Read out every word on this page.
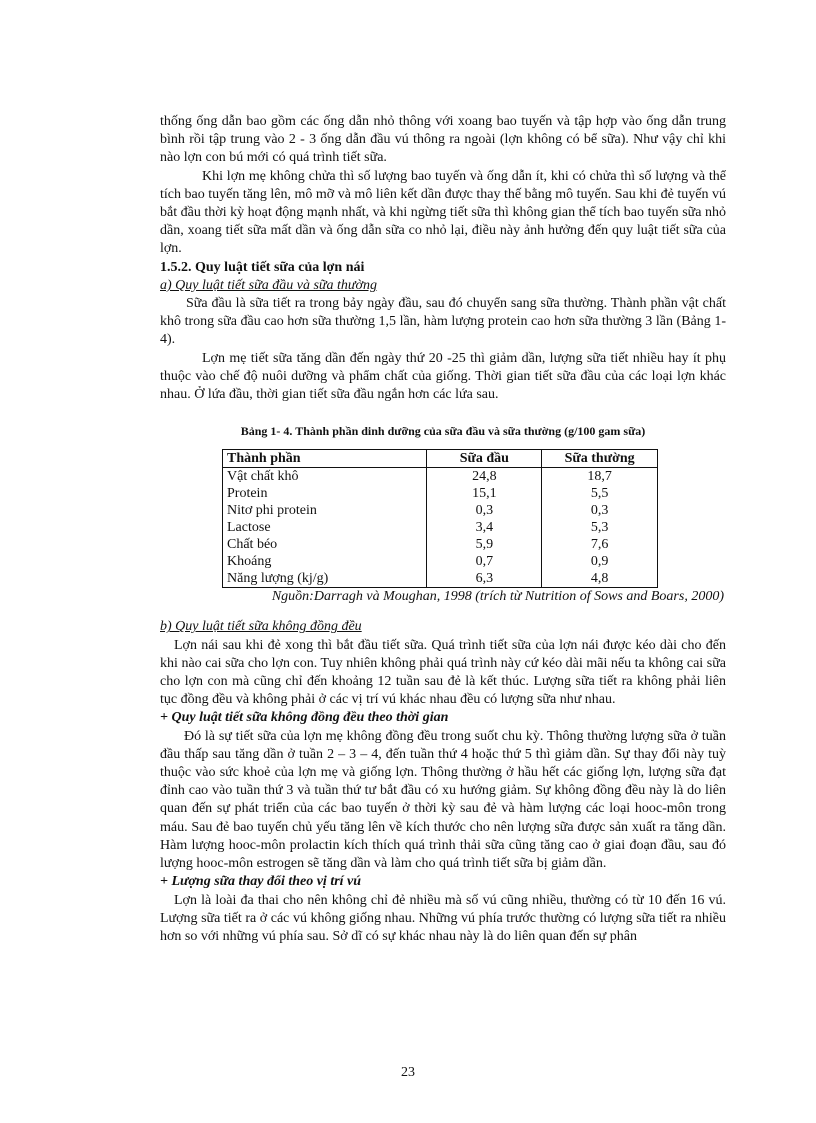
thống ống dẫn bao gồm các ống dẫn nhỏ thông với xoang bao tuyến và tập hợp vào ống dẫn trung bình rồi tập trung vào 2 - 3 ống dẫn đầu vú thông ra ngoài (lợn không có bể sữa). Như vậy chỉ khi nào lợn con bú mới có quá trình tiết sữa.

Khi lợn mẹ không chửa thì số lượng bao tuyến và ống dẫn ít, khi có chửa thì số lượng và thể tích bao tuyến tăng lên, mô mỡ và mô liên kết dần được thay thế bằng mô tuyến. Sau khi đẻ tuyến vú bắt đầu thời kỳ hoạt động mạnh nhất, và khi ngừng tiết sữa thì không gian thể tích bao tuyến sữa nhỏ dần, xoang tiết sữa mất dần và ống dẫn sữa co nhỏ lại, điều này ảnh hưởng đến quy luật tiết sữa của lợn.

1.5.2. Quy luật tiết sữa của lợn nái

a) Quy luật tiết sữa đầu và sữa thường

Sữa đầu là sữa tiết ra trong bảy ngày đầu, sau đó chuyển sang sữa thường. Thành phần vật chất khô trong sữa đầu cao hơn sữa thường 1,5 lần, hàm lượng protein cao hơn sữa thường 3 lần (Bảng 1-4).

Lợn mẹ tiết sữa tăng dần đến ngày thứ 20 -25 thì giảm dần, lượng sữa tiết nhiều hay ít phụ thuộc vào chế độ nuôi dưỡng và phẩm chất của giống. Thời gian tiết sữa đầu của các loại lợn khác nhau. Ở lứa đầu, thời gian tiết sữa đầu ngắn hơn các lứa sau.

Bảng 1- 4. Thành phần dinh dưỡng của sữa đầu và sữa thường (g/100 gam sữa)
Thành phần	Sữa đầu	Sữa thường
Vật chất khô	24,8	18,7
Protein	15,1	5,5
Nitơ phi protein	0,3	0,3
Lactose	3,4	5,3
Chất béo	5,9	7,6
Khoáng	0,7	0,9
Năng lượng (kj/g)	6,3	4,8

Nguồn:Darragh và Moughan, 1998 (trích từ Nutrition of Sows and Boars, 2000)

b) Quy luật tiết sữa không đồng đều

Lợn nái sau khi đẻ xong thì bắt đầu tiết sữa. Quá trình tiết sữa của lợn nái được kéo dài cho đến khi nào cai sữa cho lợn con. Tuy nhiên không phải quá trình này cứ kéo dài mãi nếu ta không cai sữa cho lợn con mà cũng chỉ đến khoảng 12 tuần sau đẻ là kết thúc. Lượng sữa tiết ra không phải liên tục đồng đều và không phải ở các vị trí vú khác nhau đều có lượng sữa như nhau.

+ Quy luật tiết sữa không đồng đều theo thời gian

Đó là sự tiết sữa của lợn mẹ không đồng đều trong suốt chu kỳ. Thông thường lượng sữa ở tuần đầu thấp sau tăng dần ở tuần 2 – 3 – 4, đến tuần thứ 4 hoặc thứ 5 thì giảm dần. Sự thay đổi này tuỳ thuộc vào sức khoẻ của lợn mẹ và giống lợn. Thông thường ở hầu hết các giống lợn, lượng sữa đạt đỉnh cao vào tuần thứ 3 và tuần thứ tư bắt đầu có xu hướng giảm. Sự không đồng đều này là do liên quan đến sự phát triển của các bao tuyến ở thời kỳ sau đẻ và hàm lượng các loại hooc-môn trong máu. Sau đẻ bao tuyến chủ yếu tăng lên về kích thước cho nên lượng sữa được sản xuất ra tăng dần. Hàm lượng hooc-môn prolactin kích thích quá trình thải sữa cũng tăng cao ở giai đoạn đầu, sau đó lượng hooc-môn estrogen sẽ tăng dần và làm cho quá trình tiết sữa bị giảm dần.

+ Lượng sữa thay đổi theo vị trí vú

Lợn là loài đa thai cho nên không chỉ đẻ nhiều mà số vú cũng nhiều, thường có từ 10 đến 16 vú. Lượng sữa tiết ra ở các vú không giống nhau. Những vú phía trước thường có lượng sữa tiết ra nhiều hơn so với những vú phía sau. Sở dĩ có sự khác nhau này là do liên quan đến sự phân

23
